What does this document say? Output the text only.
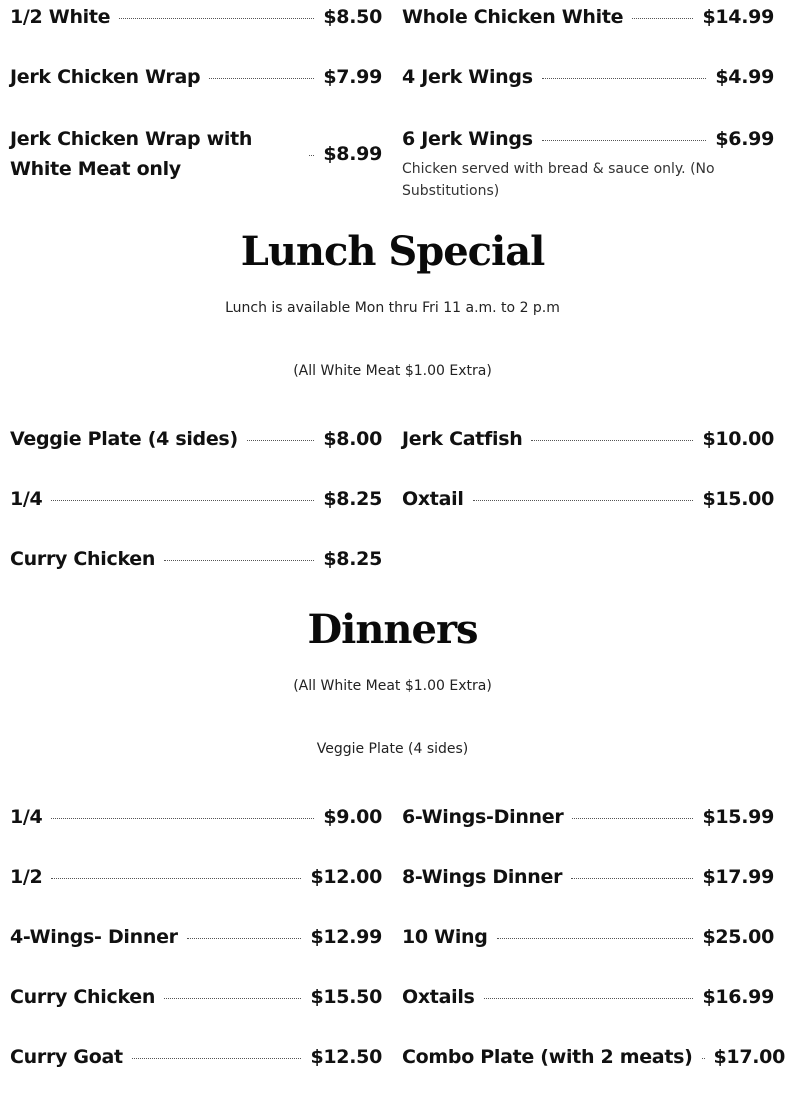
1/2 White	$8.50
Jerk Chicken Wrap	$7.99
Jerk Chicken Wrap with White Meat only
$8.99
Whole Chicken White	$14.99
4 Jerk Wings	$4.99
6 Jerk Wings	$6.99
Chicken served with bread & sauce only. (No Substitutions)
Lunch Special

Lunch is available Mon thru Fri 11 a.m. to 2 p.m

(All White Meat $1.00 Extra)

Veggie Plate (4 sides)	$8.00
1/4	$8.25
Curry Chicken	$8.25
Jerk Catfish	$10.00
Oxtail	$15.00
Dinners

(All White Meat $1.00 Extra)

Veggie Plate (4 sides)

1/4	$9.00
1/2	$12.00
4-Wings- Dinner	$12.99
Curry Chicken	$15.50
Curry Goat	$12.50
6-Wings-Dinner	$15.99
8-Wings Dinner	$17.99
10 Wing	$25.00
Oxtails	$16.99
Combo Plate (with 2 meats) $17.00
